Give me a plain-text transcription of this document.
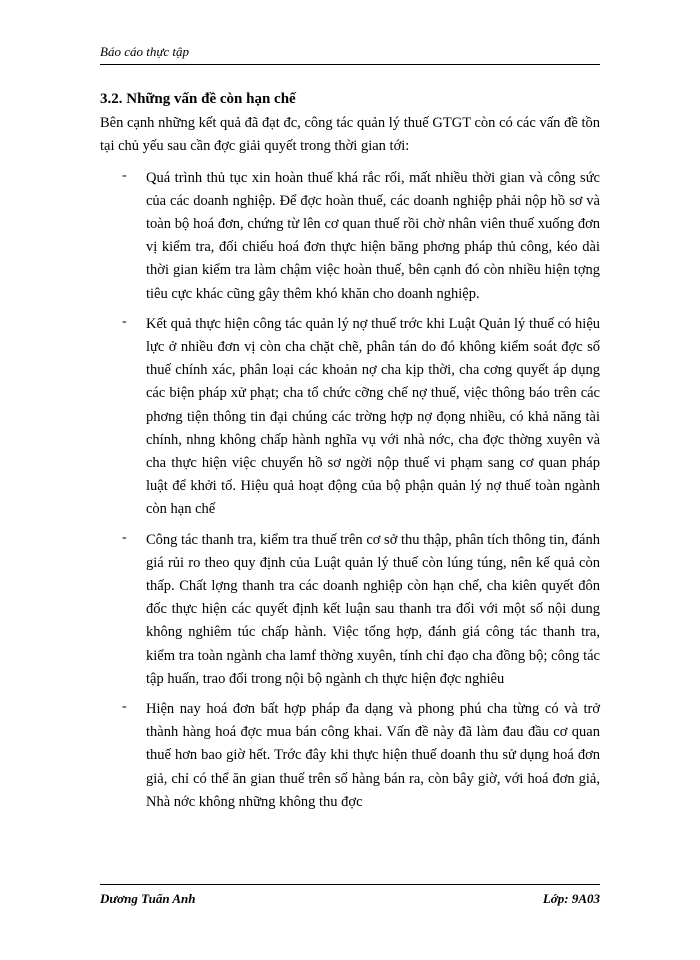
Báo cáo thực tập
3.2. Những vấn đề còn hạn chế

Bên cạnh những kết quả đã đạt đc, công tác quản lý thuế GTGT còn có các vấn đề tồn tại chủ yếu sau cần đợc giải quyết trong thời gian tới:

- Quá trình thủ tục xin hoàn thuế khá rắc rối, mất nhiều thời gian và công sức của các doanh nghiệp. Để đợc hoàn thuế, các doanh nghiệp phải nộp hồ sơ và toàn bộ hoá đơn, chứng từ lên cơ quan thuế rồi chờ nhân viên thuế xuống đơn vị kiểm tra, đối chiếu hoá đơn thực hiện băng phơng pháp thủ công, kéo dài thời gian kiểm tra làm chậm việc hoàn thuế, bên cạnh đó còn nhiều hiện tợng tiêu cực khác cũng gây thêm khó khăn cho doanh nghiệp.
- Kết quả thực hiện công tác quản lý nợ thuế trớc khi Luật Quản lý thuế có hiệu lực ở nhiều đơn vị còn cha chặt chẽ, phân tán do đó không kiểm soát đợc số thuế chính xác, phân loại các khoản nợ cha kịp thời, cha cơng quyết áp dụng các biện pháp xử phạt; cha tổ chức cỡng chế nợ thuế, việc thông báo trên các phơng tiện thông tin đại chúng các trờng hợp nợ đọng nhiều, có khả năng tài chính, nhng không chấp hành nghĩa vụ với nhà nớc, cha đợc thờng xuyên và cha thực hiện việc chuyển hồ sơ ngời nộp thuế vi phạm sang cơ quan pháp luật để khởi tố. Hiệu quả hoạt động của bộ phận quản lý nợ thuế toàn ngành còn hạn chế
- Công tác thanh tra, kiểm tra thuế trên cơ sở thu thập, phân tích thông tin, đánh giá rủi ro theo quy định của Luật quản lý thuế còn lúng túng, nên kế quả còn thấp. Chất lợng thanh tra các doanh nghiệp còn hạn chế, cha kiên quyết đôn đốc thực hiện các quyết định kết luận sau thanh tra đối với một số nội dung không nghiêm túc chấp hành. Việc tổng hợp, đánh giá công tác thanh tra, kiểm tra toàn ngành cha lamf thờng xuyên, tính chỉ đạo cha đồng bộ; công tác tập huấn, trao đổi trong nội bộ ngành ch thực hiện đợc nghiêu
- Hiện nay hoá đơn bất hợp pháp đa dạng và phong phú cha từng có và trở thành hàng hoá đợc mua bán công khai. Vấn đề này đã làm đau đầu cơ quan thuế hơn bao giờ hết. Trớc đây khi thực hiện thuế doanh thu sử dụng hoá đơn giả, chỉ có thể ăn gian thuế trên số hàng bán ra, còn bây giờ, với hoá đơn giả, Nhà nớc không những không thu đợc
Dương Tuấn Anh	Lớp: 9A03
